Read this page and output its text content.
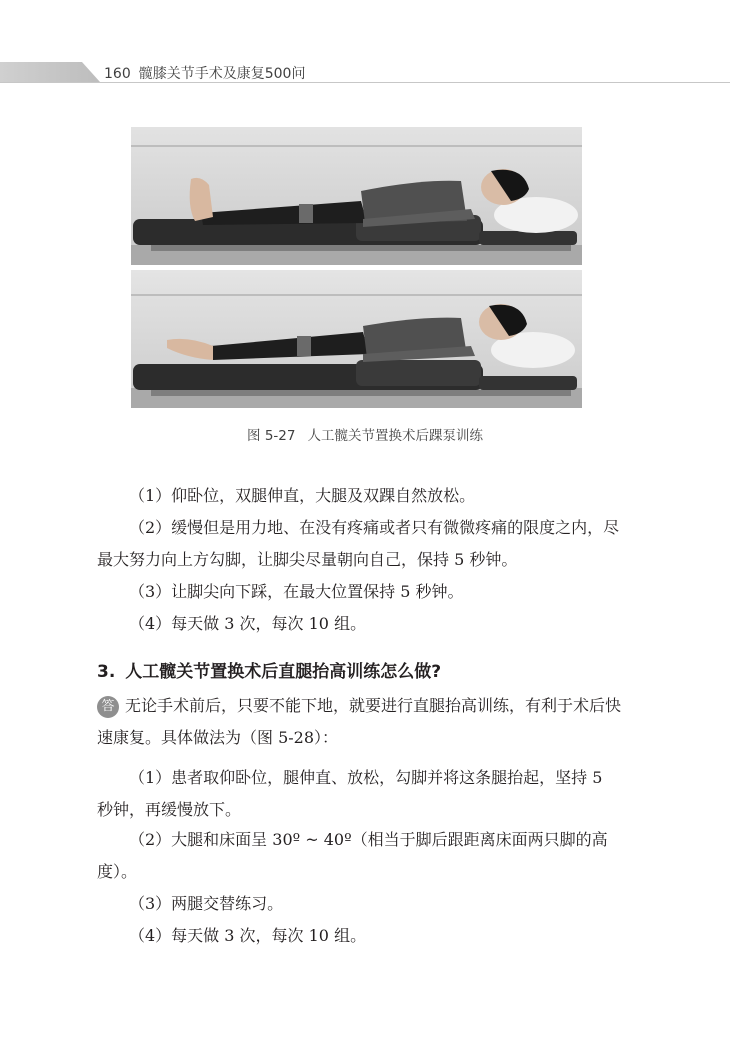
160 髋膝关节手术及康复500问
图 5-27 人工髋关节置换术后踝泵训练
（1）仰卧位，双腿伸直，大腿及双踝自然放松。
（2）缓慢但是用力地、在没有疼痛或者只有微微疼痛的限度之内，尽最大努力向上方勾脚，让脚尖尽量朝向自己，保持 5 秒钟。
（3）让脚尖向下踩，在最大位置保持 5 秒钟。
（4）每天做 3 次，每次 10 组。
3. 人工髋关节置换术后直腿抬高训练怎么做?
答 无论手术前后，只要不能下地，就要进行直腿抬高训练，有利于术后快速康复。具体做法为（图 5-28）：
（1）患者取仰卧位，腿伸直、放松，勾脚并将这条腿抬起，坚持 5 秒钟，再缓慢放下。
（2）大腿和床面呈 30º ~ 40º（相当于脚后跟距离床面两只脚的高度）。
（3）两腿交替练习。
（4）每天做 3 次，每次 10 组。
